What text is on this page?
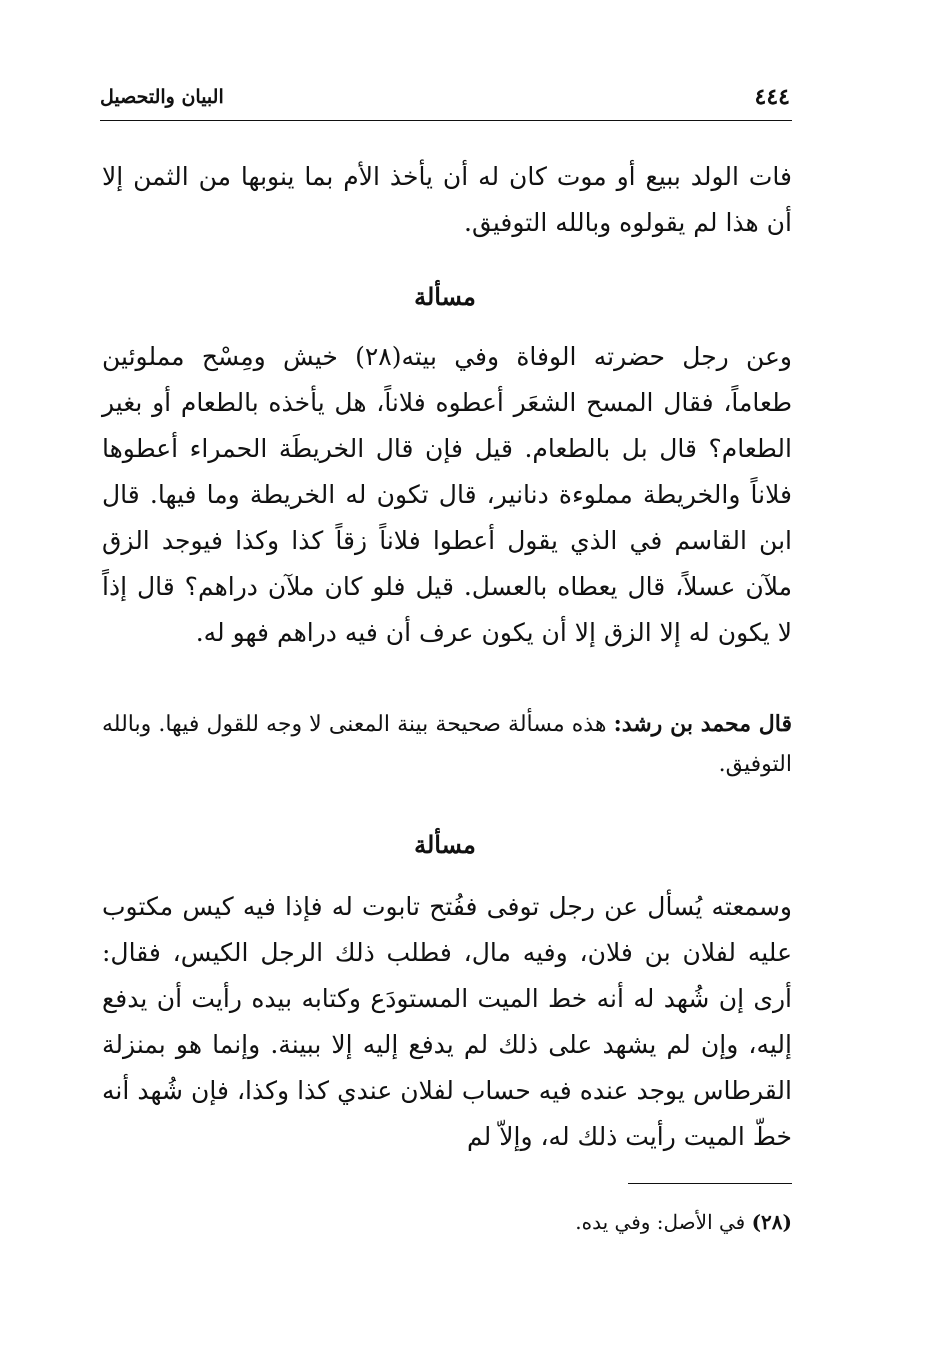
٤٤٤
البيان والتحصيل

فات الولد ببيع أو موت كان له أن يأخذ الأم بما ينوبها من الثمن إلا أن هذا لم يقولوه وبالله التوفيق.

مسألة

وعن رجل حضرته الوفاة وفي بيته(٢٨) خيش ومِسْح مملوئين طعاماً، فقال المسح الشعَر أعطوه فلاناً، هل يأخذه بالطعام أو بغير الطعام؟ قال بل بالطعام. قيل فإن قال الخريطَة الحمراء أعطوها فلاناً والخريطة مملوءة دنانير، قال تكون له الخريطة وما فيها. قال ابن القاسم في الذي يقول أعطوا فلاناً زقاً كذا وكذا فيوجد الزق ملآن عسلاً، قال يعطاه بالعسل. قيل فلو كان ملآن دراهم؟ قال إذاً لا يكون له إلا الزق إلا أن يكون عرف أن فيه دراهم فهو له.

قال محمد بن رشد: هذه مسألة صحيحة بينة المعنى لا وجه للقول فيها. وبالله التوفيق.

مسألة

وسمعته يُسأل عن رجل توفى ففُتح تابوت له فإذا فيه كيس مكتوب عليه لفلان بن فلان، وفيه مال، فطلب ذلك الرجل الكيس، فقال: أرى إن شُهد له أنه خط الميت المستودَع وكتابه بيده رأيت أن يدفع إليه، وإن لم يشهد على ذلك لم يدفع إليه إلا ببينة. وإنما هو بمنزلة القرطاس يوجد عنده فيه حساب لفلان عندي كذا وكذا، فإن شُهد أنه خطّ الميت رأيت ذلك له، وإلاّ لم

(٢٨) في الأصل: وفي يده.
